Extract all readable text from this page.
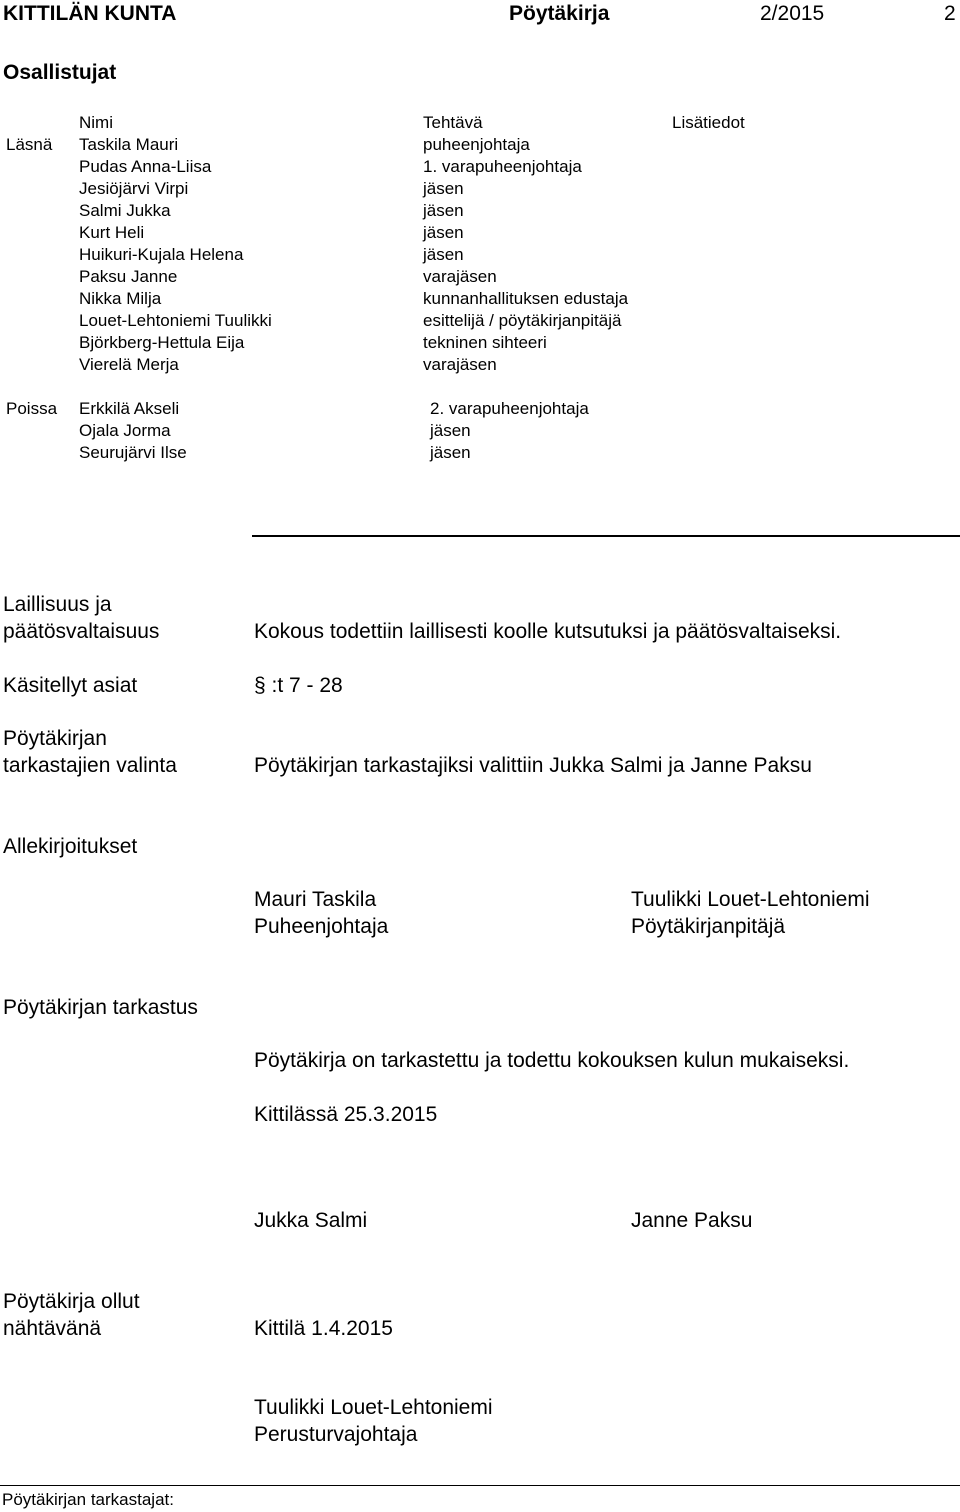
KITTILÄN KUNTA	Pöytäkirja	2/2015	2
Osallistujat
Nimi	Tehtävä	Lisätiedot
Läsnä Taskila Mauri	puheenjohtaja
Pudas Anna-Liisa	1. varapuheenjohtaja
Jesiöjärvi Virpi	jäsen
Salmi Jukka	jäsen
Kurt Heli	jäsen
Huikuri-Kujala Helena	jäsen
Paksu Janne	varajäsen
Nikka Milja	kunnanhallituksen edustaja
Louet-Lehtoniemi Tuulikki	esittelijä / pöytäkirjanpitäjä
Björkberg-Hettula Eija	tekninen sihteeri
Vierelä Merja	varajäsen
Poissa Erkkilä Akseli	2. varapuheenjohtaja
Ojala Jorma	jäsen
Seurujärvi Ilse	jäsen
Laillisuus ja
päätösvaltaisuus	Kokous todettiin laillisesti koolle kutsutuksi ja päätösvaltaiseksi.
Käsitellyt asiat	§ :t 7 - 28
Pöytäkirjan
tarkastajien valinta	Pöytäkirjan tarkastajiksi valittiin Jukka Salmi ja Janne Paksu
Allekirjoitukset
Mauri Taskila
Puheenjohtaja
Tuulikki Louet-Lehtoniemi
Pöytäkirjanpitäjä
Pöytäkirjan tarkastus
Pöytäkirja on tarkastettu ja todettu kokouksen kulun mukaiseksi.
Kittilässä 25.3.2015
Jukka Salmi	Janne Paksu
Pöytäkirja ollut
nähtävänä	Kittilä 1.4.2015
Tuulikki Louet-Lehtoniemi
Perusturvajohtaja
Pöytäkirjan tarkastajat:
